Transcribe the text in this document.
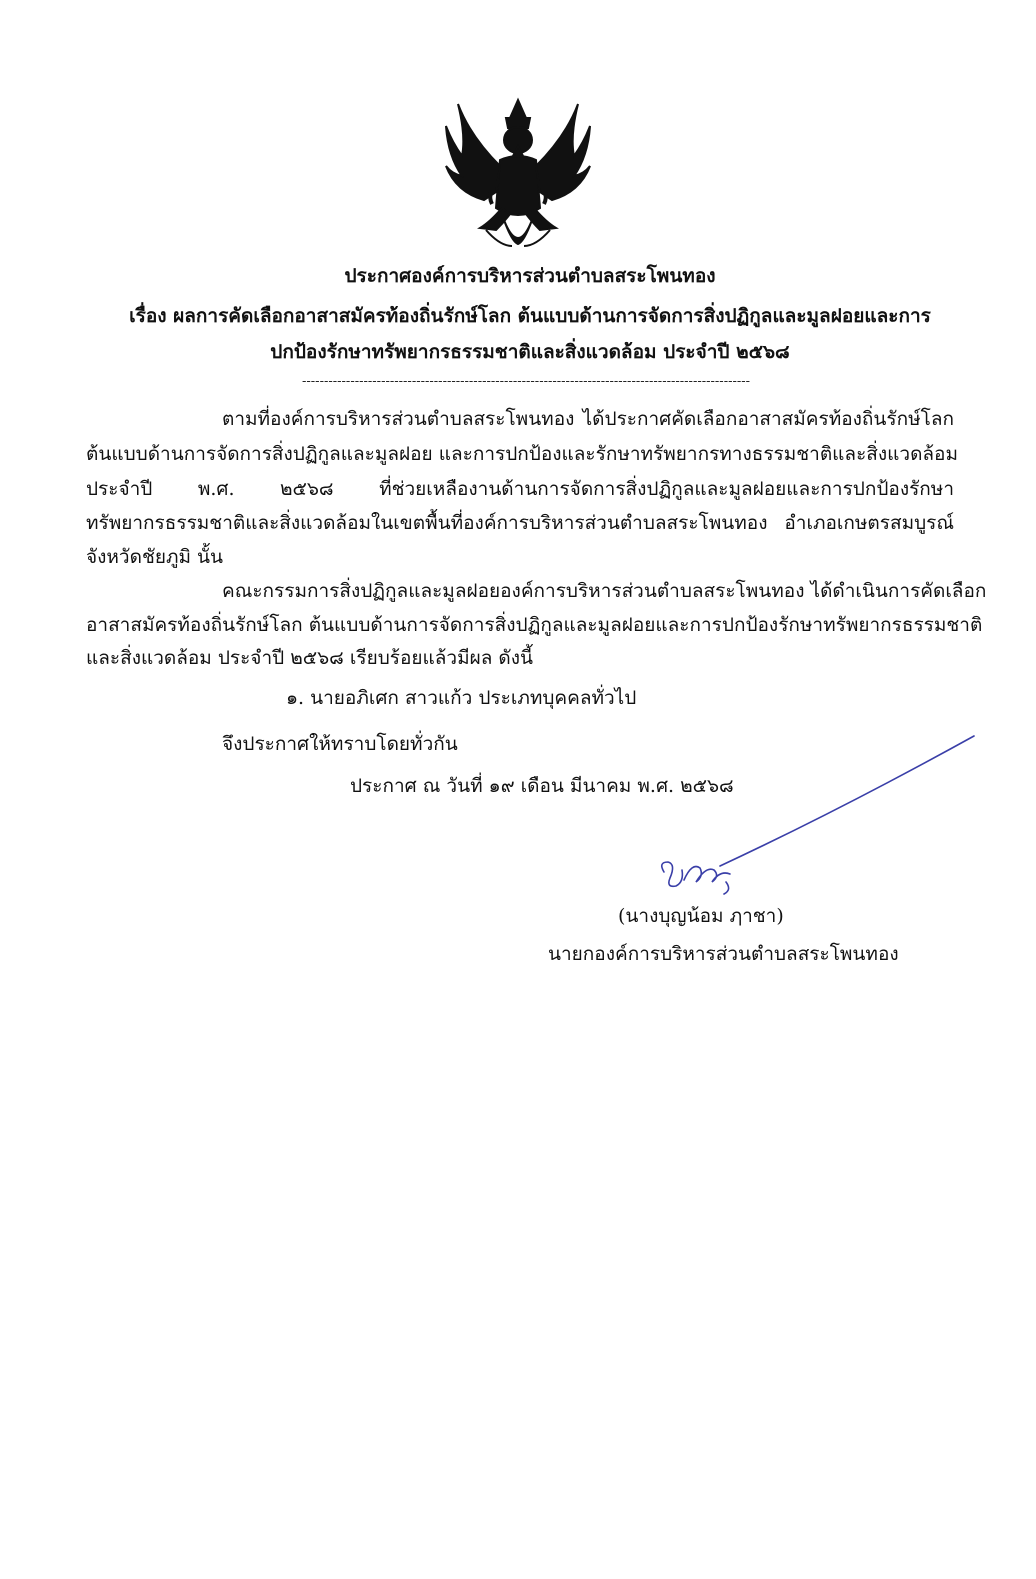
ประกาศองค์การบริหารส่วนตำบลสระโพนทอง
เรื่อง ผลการคัดเลือกอาสาสมัครท้องถิ่นรักษ์โลก ต้นแบบด้านการจัดการสิ่งปฏิกูลและมูลฝอยและการ
ปกป้องรักษาทรัพยากรธรรมชาติและสิ่งแวดล้อม ประจำปี ๒๕๖๘
------------------------------------------------------------------------------------------------------
ตามที่องค์การบริหารส่วนตำบลสระโพนทอง ได้ประกาศคัดเลือกอาสาสมัครท้องถิ่นรักษ์โลก
ต้นแบบด้านการจัดการสิ่งปฏิกูลและมูลฝอย และการปกป้องและรักษาทรัพยากรทางธรรมชาติและสิ่งแวดล้อม
ประจำปี พ.ศ. ๒๕๖๘ ที่ช่วยเหลืองานด้านการจัดการสิ่งปฏิกูลและมูลฝอยและการปกป้องรักษา
ทรัพยากรธรรมชาติและสิ่งแวดล้อมในเขตพื้นที่องค์การบริหารส่วนตำบลสระโพนทอง อำเภอเกษตรสมบูรณ์
จังหวัดชัยภูมิ นั้น
คณะกรรมการสิ่งปฏิกูลและมูลฝอยองค์การบริหารส่วนตำบลสระโพนทอง ได้ดำเนินการคัดเลือก
อาสาสมัครท้องถิ่นรักษ์โลก ต้นแบบด้านการจัดการสิ่งปฏิกูลและมูลฝอยและการปกป้องรักษาทรัพยากรธรรมชาติ
และสิ่งแวดล้อม ประจำปี ๒๕๖๘ เรียบร้อยแล้วมีผล ดังนี้
๑. นายอภิเศก สาวแก้ว ประเภทบุคคลทั่วไป
จึงประกาศให้ทราบโดยทั่วกัน
ประกาศ ณ วันที่ ๑๙ เดือน มีนาคม พ.ศ. ๒๕๖๘
(นางบุญน้อม ฦาชา)
นายกองค์การบริหารส่วนตำบลสระโพนทอง
